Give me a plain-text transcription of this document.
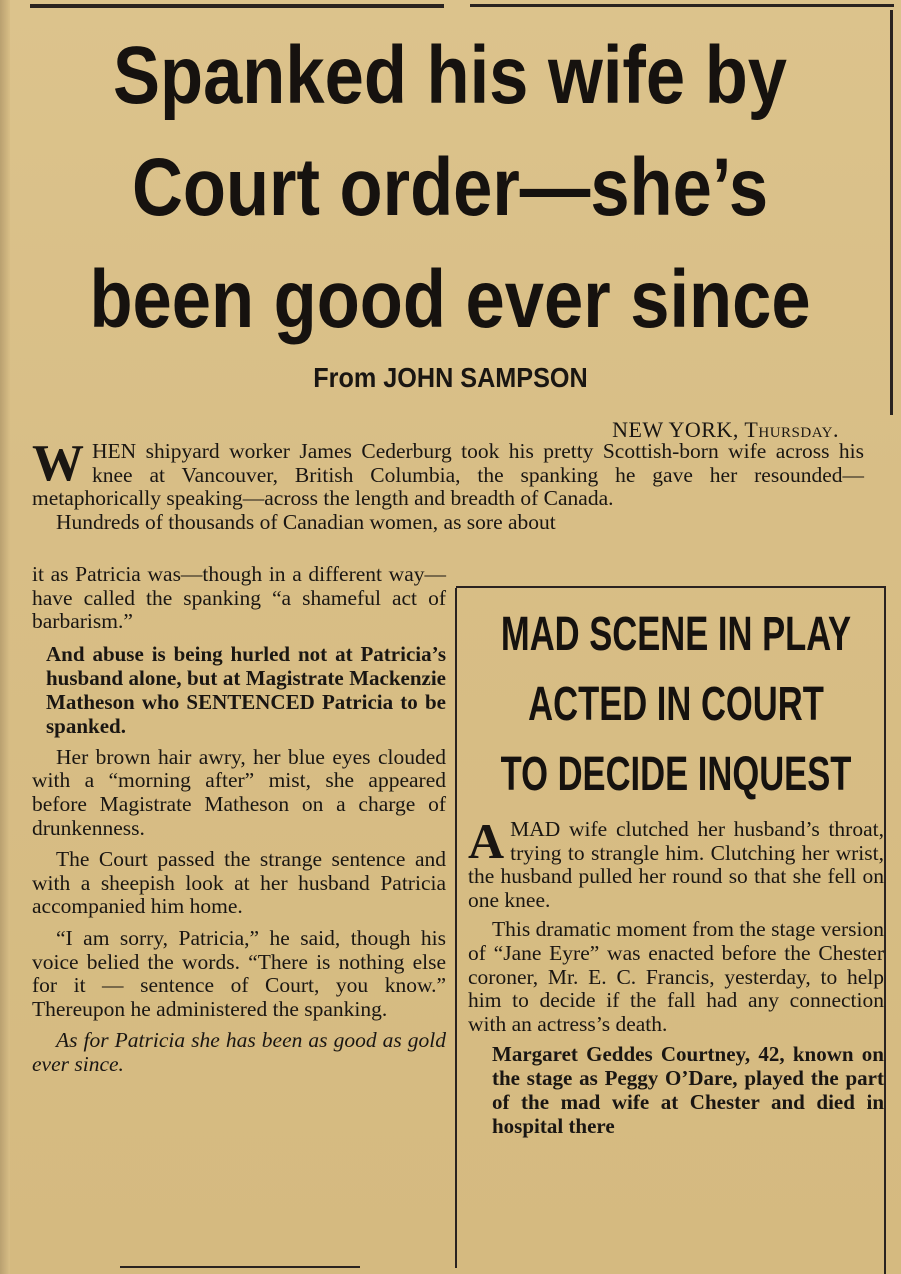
Spanked his wife by
Court order—she’s
been good ever since
From JOHN SAMPSON
NEW YORK, Thursday.
W HEN shipyard worker James Cederburg took his pretty Scottish-born wife across his knee at Vancouver, British Columbia, the spanking he gave her resounded—metaphorically speaking—across the length and breadth of Canada.

Hundreds of thousands of Canadian women, as sore about

it as Patricia was—though in a different way—have called the spanking “a shameful act of barbarism.”

And abuse is being hurled not at Patricia’s husband alone, but at Magistrate Mackenzie Matheson who SENTENCED Patricia to be spanked.

Her brown hair awry, her blue eyes clouded with a “morning after” mist, she appeared before Magistrate Matheson on a charge of drunkenness.

The Court passed the strange sentence and with a sheepish look at her husband Patricia accompanied him home.

“I am sorry, Patricia,” he said, though his voice belied the words. “There is nothing else for it — sentence of Court, you know.” Thereupon he administered the spanking.

As for Patricia she has been as good as gold ever since.

MAD SCENE IN PLAY
ACTED IN COURT
TO DECIDE INQUEST

AMAD wife clutched her husband’s throat, trying to strangle him. Clutching her wrist, the husband pulled her round so that she fell on one knee.

This dramatic moment from the stage version of “Jane Eyre” was enacted before the Chester coroner, Mr. E. C. Francis, yesterday, to help him to decide if the fall had any connection with an actress’s death.

Margaret Geddes Courtney, 42, known on the stage as Peggy O’Dare, played the part of the mad wife at Chester and died in hospital there
